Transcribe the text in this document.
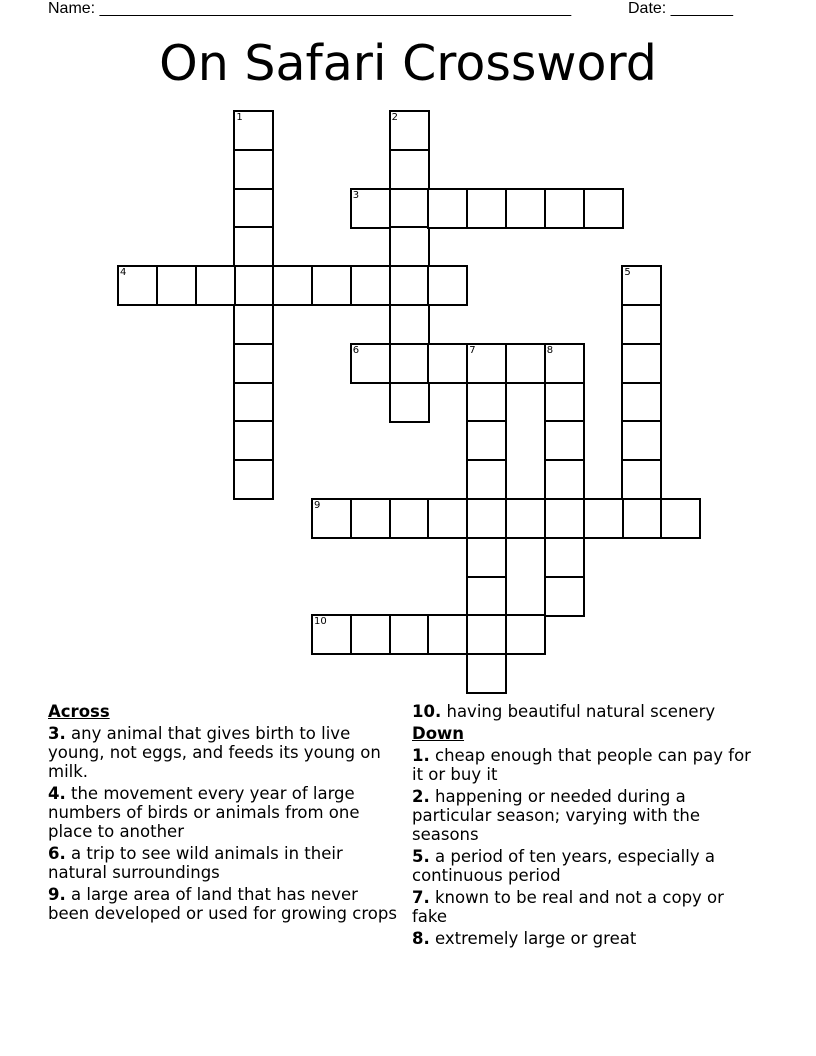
Name: _____________________________________________________	Date: _______
On Safari Crossword
1	2
3
4	5
6	7	8
9
10
Across
3. any animal that gives birth to live young, not eggs, and feeds its young on milk.
4. the movement every year of large numbers of birds or animals from one place to another
6. a trip to see wild animals in their natural surroundings
9. a large area of land that has never been developed or used for growing crops
10. having beautiful natural scenery
Down
1. cheap enough that people can pay for it or buy it
2. happening or needed during a particular season; varying with the seasons
5. a period of ten years, especially a continuous period
7. known to be real and not a copy or fake
8. extremely large or great
